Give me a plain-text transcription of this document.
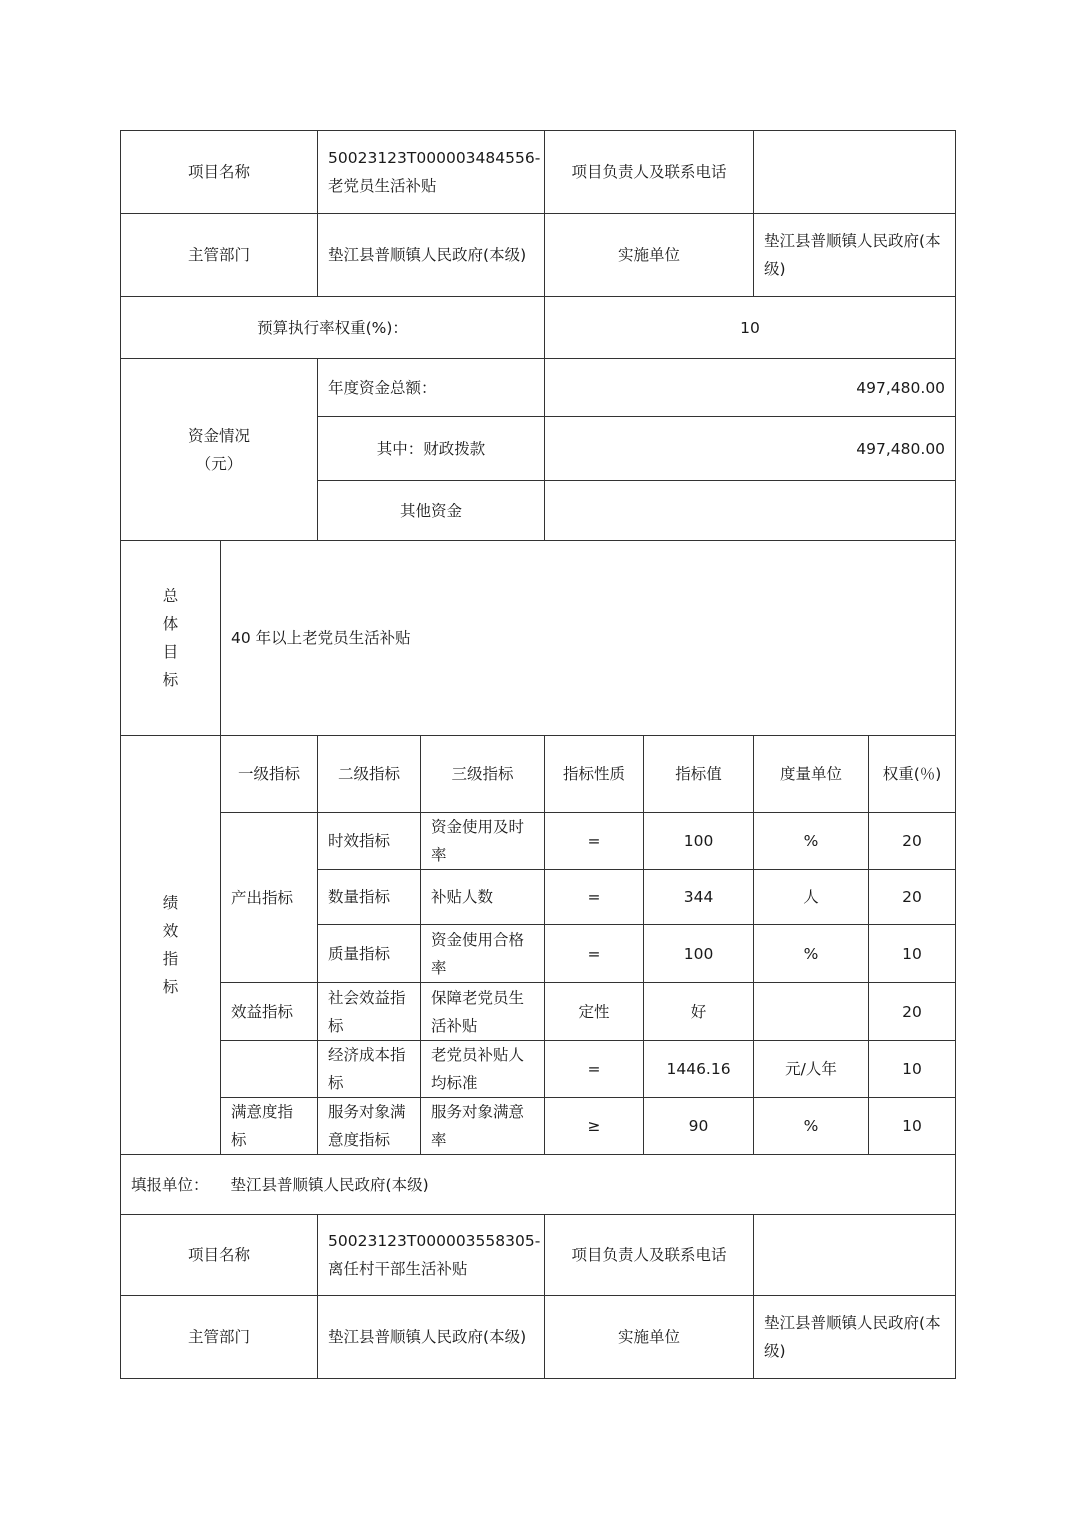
项目名称		50023123T000003484556-老党员生活补贴		项目负责人及联系电话			
主管部门		垫江县普顺镇人民政府(本级)		实施单位		垫江县普顺镇人民政府(本级)	
预算执行率权重(%)：				10			

资金情况
（元）		年度资金总额：		497,480.00			
		其中：财政拨款		497,480.00			
		其他资金					

总
体
目
标	40 年以上老党员生活补贴						

绩
效
指
标	一级指标	二级指标	三级指标	指标性质	指标值	度量单位	权重(％)
	产出指标	时效指标	资金使用及时率	=	100	%	20
		数量指标	补贴人数	=	344	人	20
		质量指标	资金使用合格率	=	100	%	10
	效益指标	社会效益指标	保障老党员生活补贴	定性	好		20
		经济成本指标	老党员补贴人均标准	=	1446.16	元/人年	10
	满意度指标	服务对象满意度指标	服务对象满意率	≥	90	%	10
填报单位： 垫江县普顺镇人民政府(本级)							
项目名称		50023123T000003558305-离任村干部生活补贴		项目负责人及联系电话			
主管部门		垫江县普顺镇人民政府(本级)		实施单位		垫江县普顺镇人民政府(本级)	
